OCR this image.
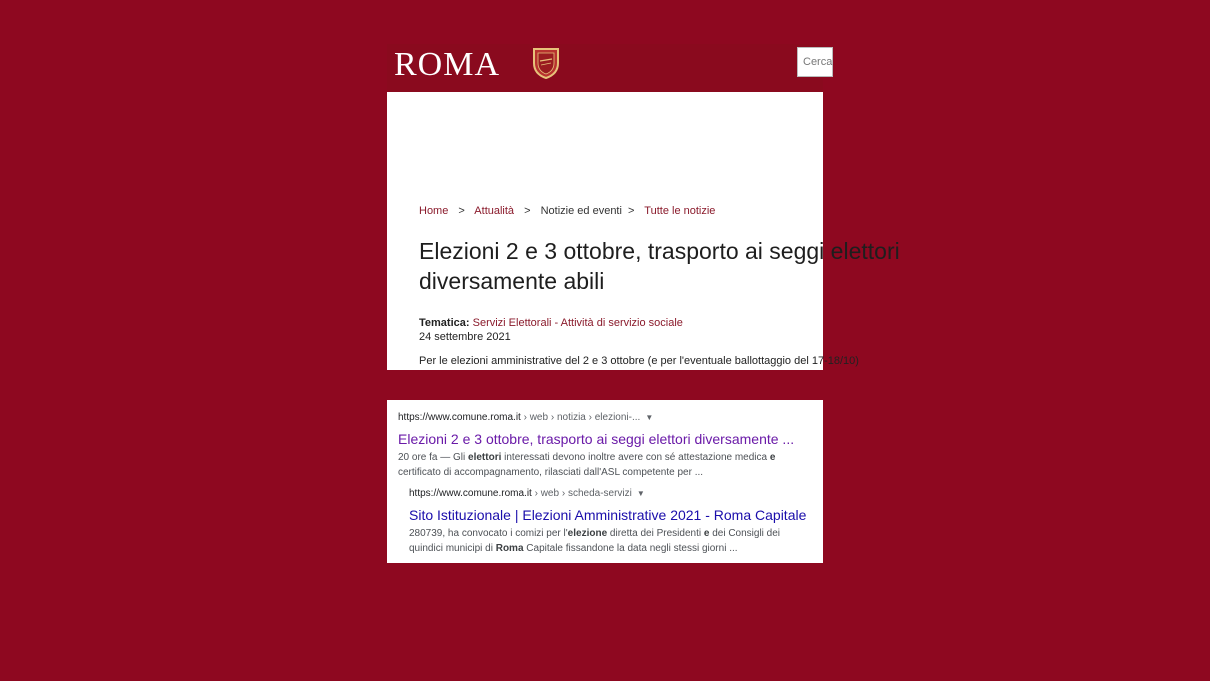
ROMA	Cerca
Home > Attualità > Notizie ed eventi > Tutte le notizie
Elezioni 2 e 3 ottobre, trasporto ai seggi elettori diversamente abili
Tematica: Servizi Elettorali - Attività di servizio sociale
24 settembre 2021
Per le elezioni amministrative del 2 e 3 ottobre (e per l'eventuale ballottaggio del 17-18/10)
https://www.comune.roma.it › web › notizia › elezioni-... ▼
Elezioni 2 e 3 ottobre, trasporto ai seggi elettori diversamente ...
20 ore fa — Gli elettori interessati devono inoltre avere con sé attestazione medica e certificato di accompagnamento, rilasciati dall'ASL competente per ...
https://www.comune.roma.it › web › scheda-servizi ▼
Sito Istituzionale | Elezioni Amministrative 2021 - Roma Capitale
280739, ha convocato i comizi per l'elezione diretta dei Presidenti e dei Consigli dei quindici municipi di Roma Capitale fissandone la data negli stessi giorni ...
